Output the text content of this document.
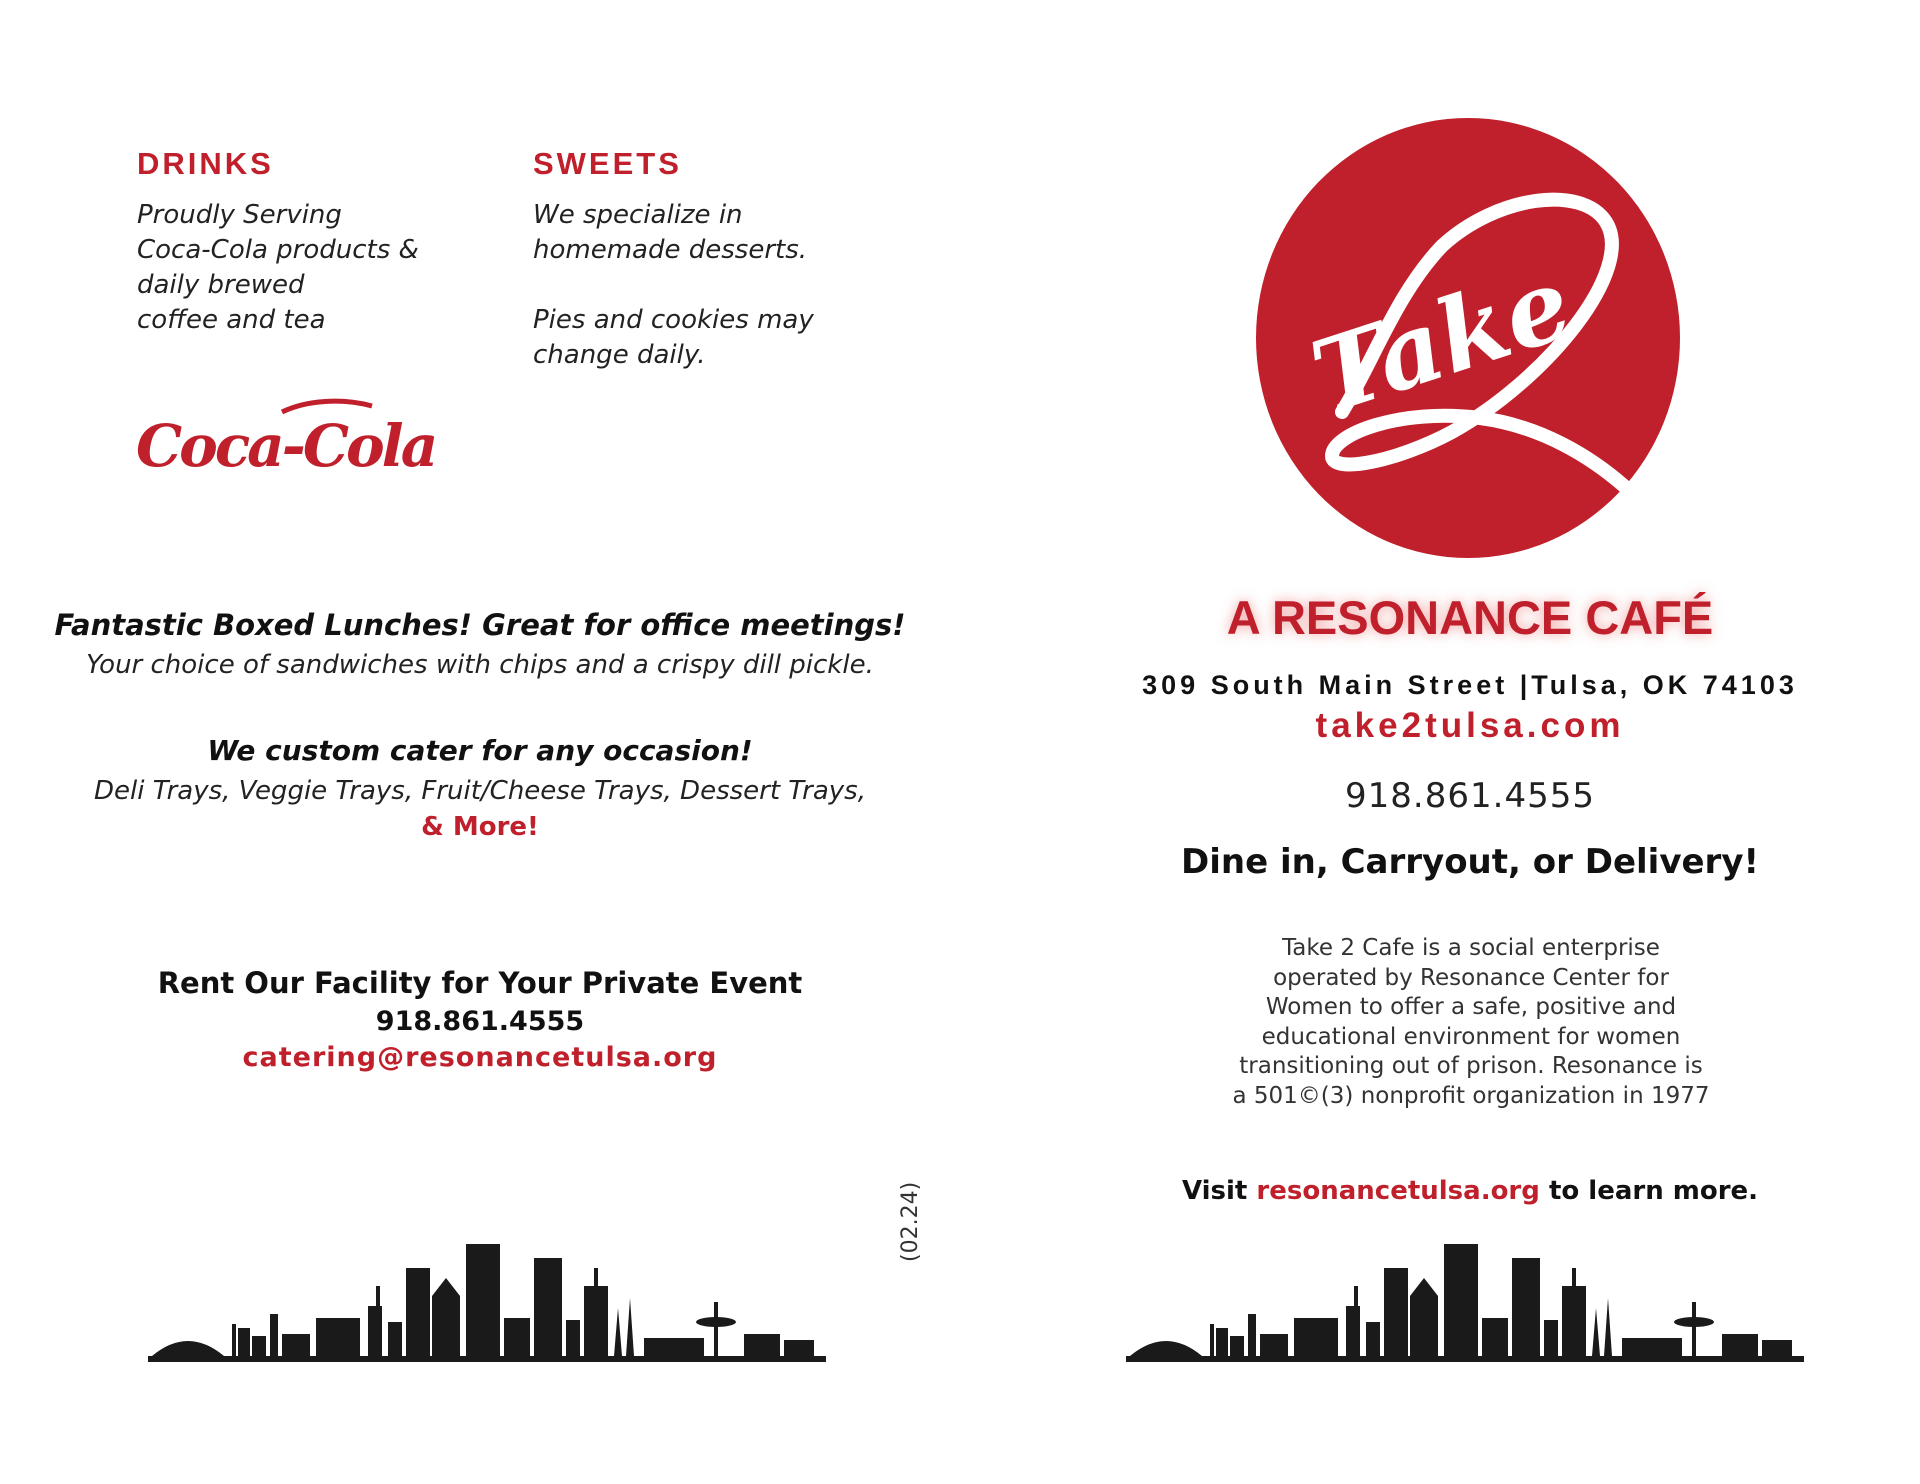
DRINKS
Proudly Serving
Coca-Cola products &
daily brewed
coffee and tea
SWEETS
We specialize in
homemade desserts.
Pies and cookies may
change daily.
Coca-Cola
Fantastic Boxed Lunches! Great for office meetings!
Your choice of sandwiches with chips and a crispy dill pickle.
We custom cater for any occasion!
Deli Trays, Veggie Trays, Fruit/Cheese Trays, Dessert Trays,
& More!
Rent Our Facility for Your Private Event
918.861.4555
catering@resonancetulsa.org
(02.24)
Take
A RESONANCE CAFÉ
309 South Main Street |Tulsa, OK 74103
take2tulsa.com
918.861.4555
Dine in, Carryout, or Delivery!
Take 2 Cafe is a social enterprise
operated by Resonance Center for
Women to offer a safe, positive and
educational environment for women
transitioning out of prison. Resonance is
a 501©(3) nonprofit organization in 1977
Visit resonancetulsa.org to learn more.
